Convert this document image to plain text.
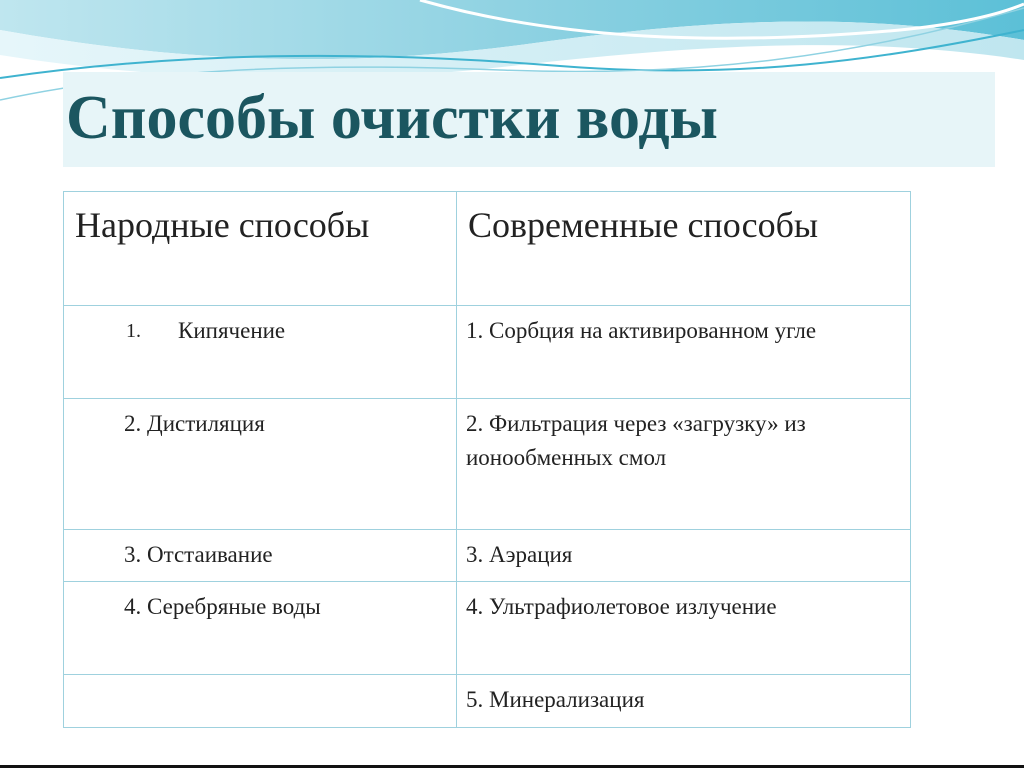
Способы очистки воды
Народные способы	Современные способы

1. Кипячение	1. Сорбция на активированном угле

2. Дистиляция	2. Фильтрация через «загрузку» из ионообменных смол

3. Отстаивание	3. Аэрация

4. Серебряные воды	4. Ультрафиолетовое излучение

	5. Минерализация
